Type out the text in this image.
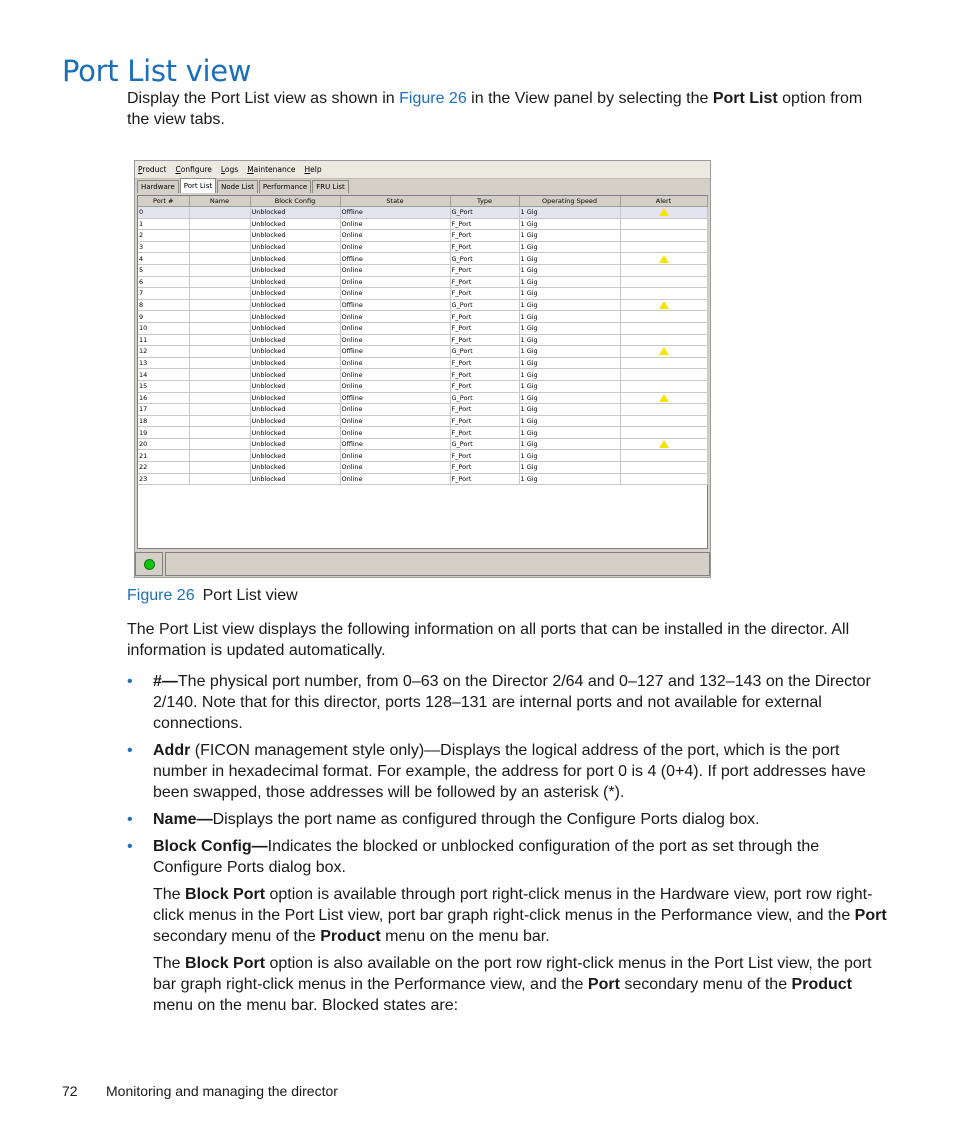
Port List view

Display the Port List view as shown in Figure 26 in the View panel by selecting the Port List option from the view tabs.

Product Configure Logs Maintenance Help
Hardware	Port List	Node List	Performance	FRU List
Port #	Name	Block Config	State	Type	Operating Speed	Alert
0		Unblocked	Offline	G_Port	1 Gig	
1		Unblocked	Online	F_Port	1 Gig	
2		Unblocked	Online	F_Port	1 Gig	
3		Unblocked	Online	F_Port	1 Gig	
4		Unblocked	Offline	G_Port	1 Gig	
5		Unblocked	Online	F_Port	1 Gig	
6		Unblocked	Online	F_Port	1 Gig	
7		Unblocked	Online	F_Port	1 Gig	
8		Unblocked	Offline	G_Port	1 Gig	
9		Unblocked	Online	F_Port	1 Gig	
10		Unblocked	Online	F_Port	1 Gig	
11		Unblocked	Online	F_Port	1 Gig	
12		Unblocked	Offline	G_Port	1 Gig	
13		Unblocked	Online	F_Port	1 Gig	
14		Unblocked	Online	F_Port	1 Gig	
15		Unblocked	Online	F_Port	1 Gig	
16		Unblocked	Offline	G_Port	1 Gig	
17		Unblocked	Online	F_Port	1 Gig	
18		Unblocked	Online	F_Port	1 Gig	
19		Unblocked	Online	F_Port	1 Gig	
20		Unblocked	Offline	G_Port	1 Gig	
21		Unblocked	Online	F_Port	1 Gig	
22		Unblocked	Online	F_Port	1 Gig	
23		Unblocked	Online	F_Port	1 Gig	
Figure 26 Port List view

The Port List view displays the following information on all ports that can be installed in the director. All information is updated automatically.

• #—The physical port number, from 0–63 on the Director 2/64 and 0–127 and 132–143 on the Director 2/140. Note that for this director, ports 128–131 are internal ports and not available for external connections.
• Addr (FICON management style only)—Displays the logical address of the port, which is the port number in hexadecimal format. For example, the address for port 0 is 4 (0+4). If port addresses have been swapped, those addresses will be followed by an asterisk (*).
• Name—Displays the port name as configured through the Configure Ports dialog box.
• Block Config—Indicates the blocked or unblocked configuration of the port as set through the Configure Ports dialog box.

The Block Port option is available through port right-click menus in the Hardware view, port row right-click menus in the Port List view, port bar graph right-click menus in the Performance view, and the Port secondary menu of the Product menu on the menu bar.

The Block Port option is also available on the port row right-click menus in the Port List view, the port bar graph right-click menus in the Performance view, and the Port secondary menu of the Product menu on the menu bar. Blocked states are:

72 Monitoring and managing the director
